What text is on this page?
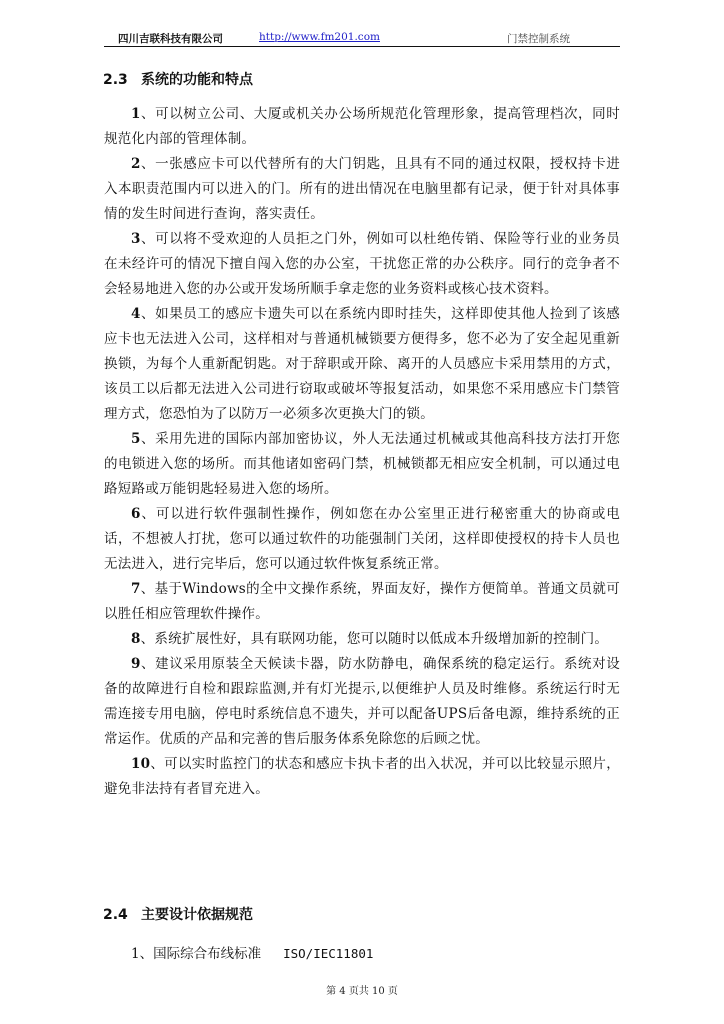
四川吉联科技有限公司	http://www.fm201.com	门禁控制系统
2.3 系统的功能和特点

1、可以树立公司、大厦或机关办公场所规范化管理形象，提高管理档次，同时规范化内部的管理体制。

2、一张感应卡可以代替所有的大门钥匙，且具有不同的通过权限，授权持卡进入本职责范围内可以进入的门。所有的进出情况在电脑里都有记录，便于针对具体事情的发生时间进行查询，落实责任。

3、可以将不受欢迎的人员拒之门外，例如可以杜绝传销、保险等行业的业务员在未经许可的情况下擅自闯入您的办公室，干扰您正常的办公秩序。同行的竞争者不会轻易地进入您的办公或开发场所顺手拿走您的业务资料或核心技术资料。

4、如果员工的感应卡遗失可以在系统内即时挂失，这样即使其他人捡到了该感应卡也无法进入公司，这样相对与普通机械锁要方便得多，您不必为了安全起见重新换锁，为每个人重新配钥匙。对于辞职或开除、离开的人员感应卡采用禁用的方式，该员工以后都无法进入公司进行窃取或破坏等报复活动，如果您不采用感应卡门禁管理方式，您恐怕为了以防万一必须多次更换大门的锁。

5、采用先进的国际内部加密协议，外人无法通过机械或其他高科技方法打开您的电锁进入您的场所。而其他诸如密码门禁，机械锁都无相应安全机制，可以通过电路短路或万能钥匙轻易进入您的场所。

6、可以进行软件强制性操作，例如您在办公室里正进行秘密重大的协商或电话，不想被人打扰，您可以通过软件的功能强制门关闭，这样即使授权的持卡人员也无法进入，进行完毕后，您可以通过软件恢复系统正常。

7、基于Windows的全中文操作系统，界面友好，操作方便简单。普通文员就可以胜任相应管理软件操作。

8、系统扩展性好，具有联网功能，您可以随时以低成本升级增加新的控制门。

9、建议采用原装全天候读卡器，防水防静电，确保系统的稳定运行。系统对设备的故障进行自检和跟踪监测,并有灯光提示,以便维护人员及时维修。系统运行时无需连接专用电脑，停电时系统信息不遗失，并可以配备UPS后备电源，维持系统的正常运作。优质的产品和完善的售后服务体系免除您的后顾之忧。

10、可以实时监控门的状态和感应卡执卡者的出入状况，并可以比较显示照片，避免非法持有者冒充进入。

2.4 主要设计依据规范
1、国际综合布线标准 ISO/IEC11801
第 4 页共 10 页
